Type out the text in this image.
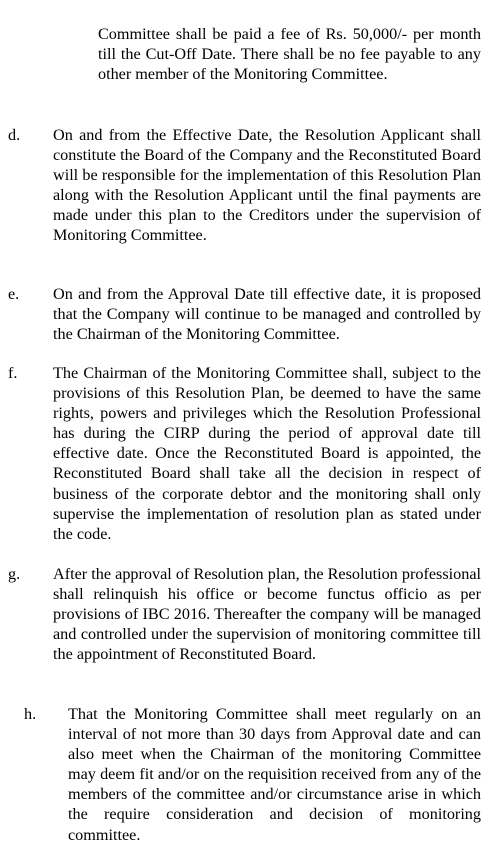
Committee shall be paid a fee of Rs. 50,000/- per month till the Cut-Off Date. There shall be no fee payable to any other member of the Monitoring Committee.

d. On and from the Effective Date, the Resolution Applicant shall constitute the Board of the Company and the Reconstituted Board will be responsible for the implementation of this Resolution Plan along with the Resolution Applicant until the final payments are made under this plan to the Creditors under the supervision of Monitoring Committee.

e. On and from the Approval Date till effective date, it is proposed that the Company will continue to be managed and controlled by the Chairman of the Monitoring Committee.

f. The Chairman of the Monitoring Committee shall, subject to the provisions of this Resolution Plan, be deemed to have the same rights, powers and privileges which the Resolution Professional has during the CIRP during the period of approval date till effective date. Once the Reconstituted Board is appointed, the Reconstituted Board shall take all the decision in respect of business of the corporate debtor and the monitoring shall only supervise the implementation of resolution plan as stated under the code.

g. After the approval of Resolution plan, the Resolution professional shall relinquish his office or become functus officio as per provisions of IBC 2016. Thereafter the company will be managed and controlled under the supervision of monitoring committee till the appointment of Reconstituted Board.

h. That the Monitoring Committee shall meet regularly on an interval of not more than 30 days from Approval date and can also meet when the Chairman of the monitoring Committee may deem fit and/or on the requisition received from any of the members of the committee and/or circumstance arise in which the require consideration and decision of monitoring committee.
